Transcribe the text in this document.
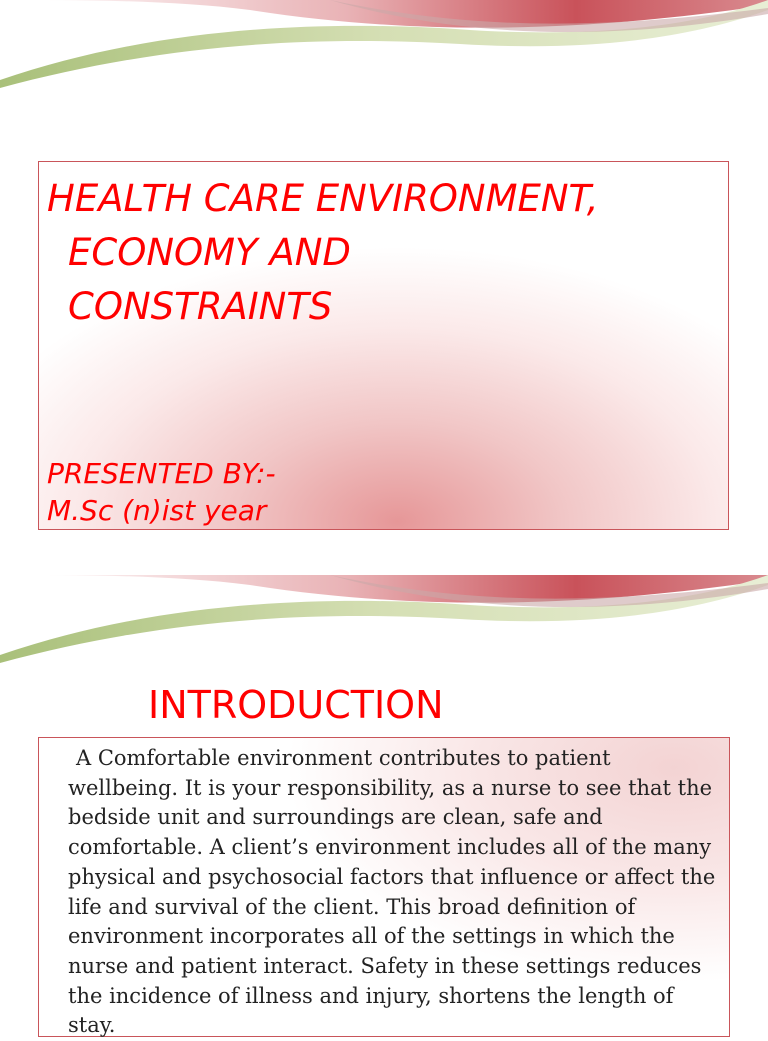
HEALTH CARE ENVIRONMENT,
ECONOMY AND
CONSTRAINTS
PRESENTED BY:-
M.Sc (n)ist year
INTRODUCTION

A Comfortable environment contributes to patient wellbeing. It is your responsibility, as a nurse to see that the bedside unit and surroundings are clean, safe and comfortable. A client’s environment includes all of the many physical and psychosocial factors that influence or affect the life and survival of the client. This broad definition of environment incorporates all of the settings in which the nurse and patient interact. Safety in these settings reduces the incidence of illness and injury, shortens the length of stay.
